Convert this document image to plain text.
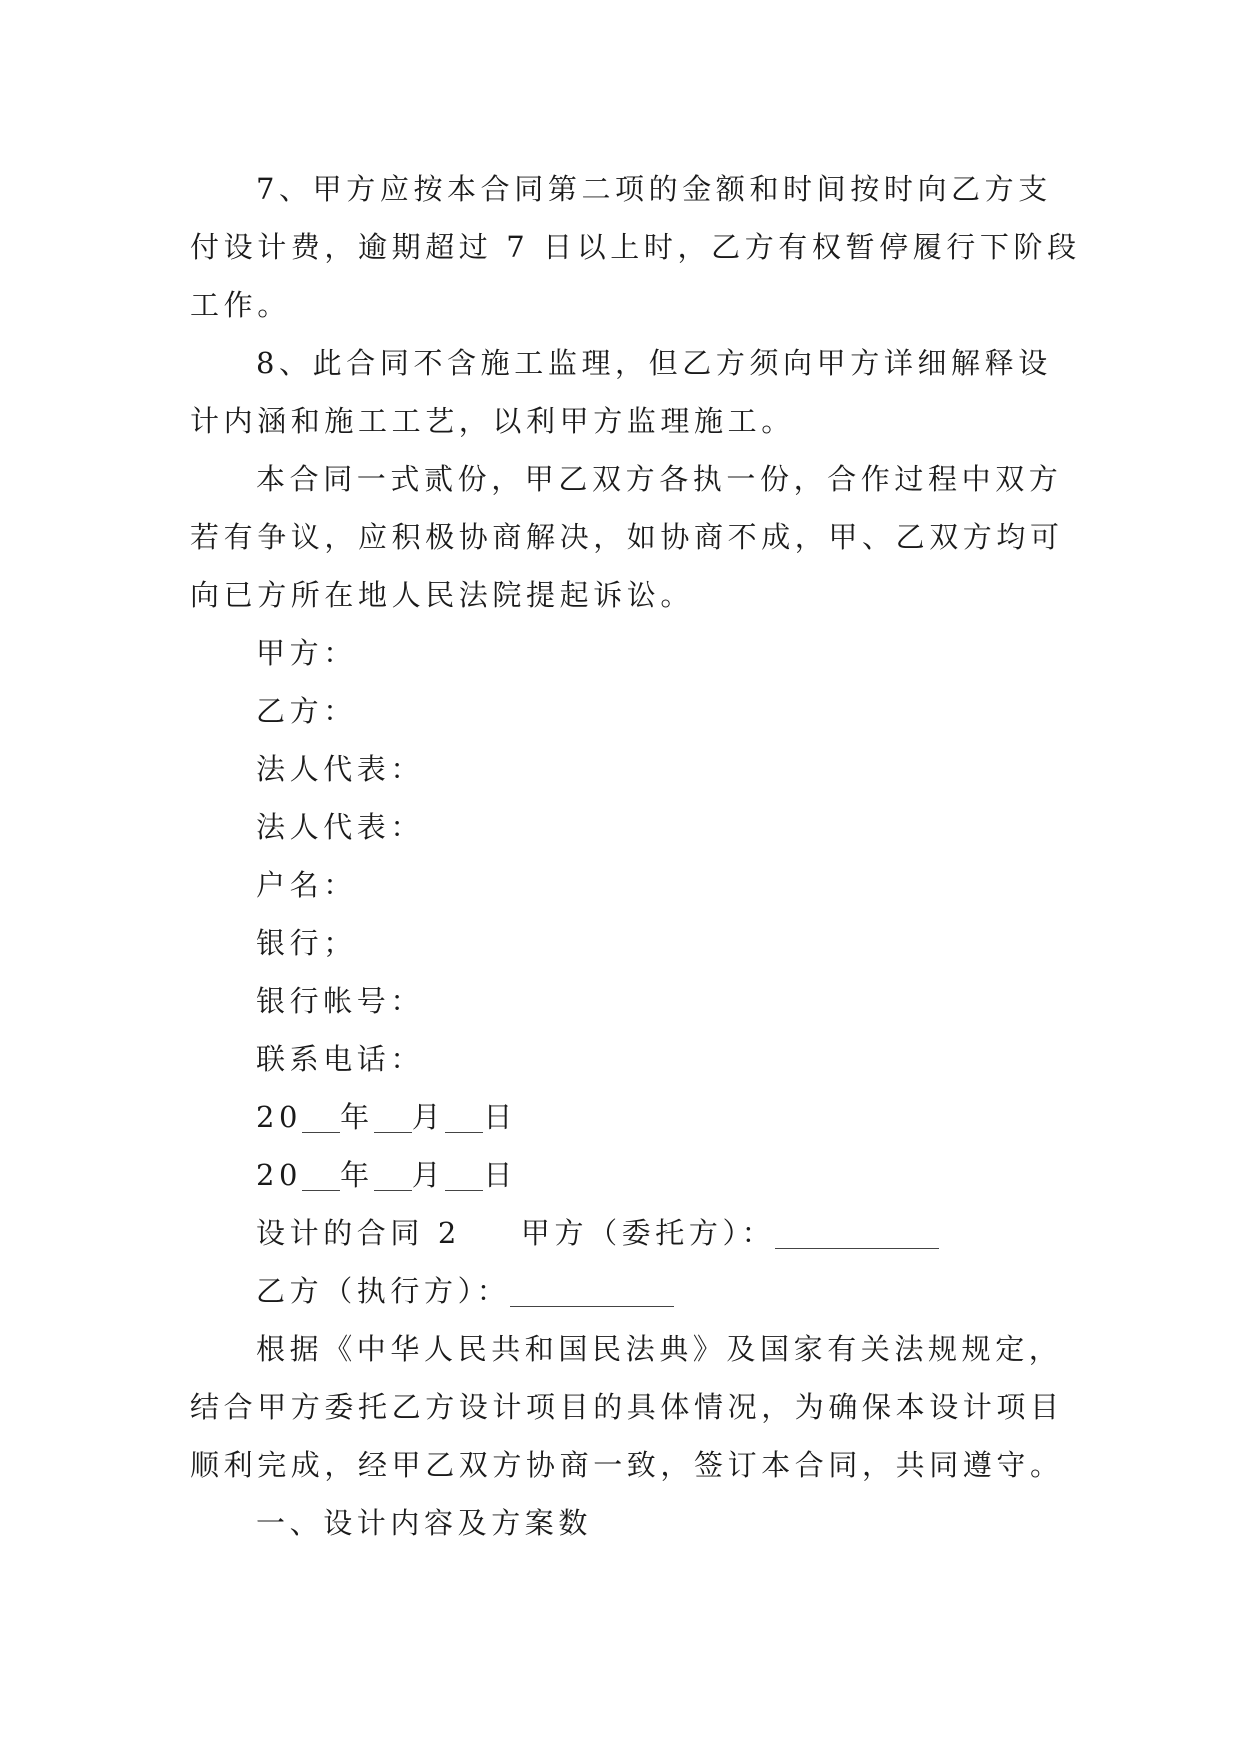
7、甲方应按本合同第二项的金额和时间按时向乙方支
付设计费，逾期超过 7 日以上时，乙方有权暂停履行下阶段
工作。
8、此合同不含施工监理，但乙方须向甲方详细解释设
计内涵和施工工艺，以利甲方监理施工。
本合同一式贰份，甲乙双方各执一份，合作过程中双方
若有争议，应积极协商解决，如协商不成，甲、乙双方均可
向已方所在地人民法院提起诉讼。
甲方：
乙方：
法人代表：
法人代表：
户名：
银行；
银行帐号：
联系电话：
20 年 月 日
20 年 月 日
设计的合同 2 甲方（委托方）：
乙方（执行方）：
根据《中华人民共和国民法典》及国家有关法规规定，
结合甲方委托乙方设计项目的具体情况，为确保本设计项目
顺利完成，经甲乙双方协商一致，签订本合同，共同遵守。
一、设计内容及方案数
